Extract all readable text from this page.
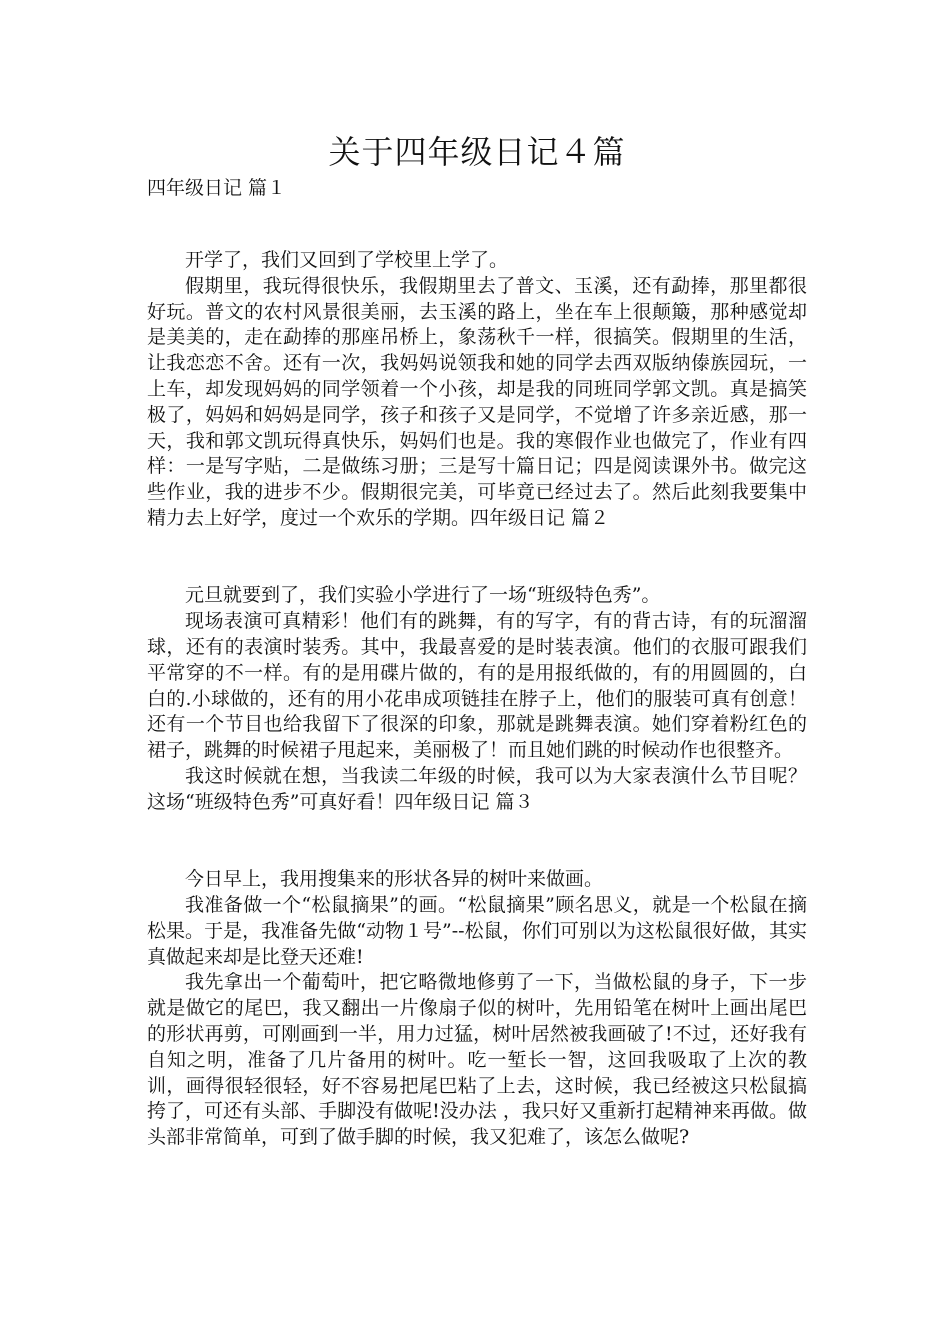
关于四年级日记４篇
四年级日记 篇１

开学了，我们又回到了学校里上学了。

假期里，我玩得很快乐，我假期里去了普文、玉溪，还有勐捧，那里都很好玩。普文的农村风景很美丽，去玉溪的路上，坐在车上很颠簸，那种感觉却是美美的，走在勐捧的那座吊桥上，象荡秋千一样，很搞笑。假期里的生活，让我恋恋不舍。还有一次，我妈妈说领我和她的同学去西双版纳傣族园玩，一上车，却发现妈妈的同学领着一个小孩，却是我的同班同学郭文凯。真是搞笑极了，妈妈和妈妈是同学，孩子和孩子又是同学，不觉增了许多亲近感，那一天，我和郭文凯玩得真快乐，妈妈们也是。我的寒假作业也做完了，作业有四样：一是写字贴，二是做练习册；三是写十篇日记；四是阅读课外书。做完这些作业，我的进步不少。假期很完美，可毕竟已经过去了。然后此刻我要集中精力去上好学，度过一个欢乐的学期。四年级日记 篇２

元旦就要到了，我们实验小学进行了一场“班级特色秀”。

现场表演可真精彩！他们有的跳舞，有的写字，有的背古诗，有的玩溜溜球，还有的表演时装秀。其中，我最喜爱的是时装表演。他们的衣服可跟我们平常穿的不一样。有的是用碟片做的，有的是用报纸做的，有的用圆圆的，白白的.小球做的，还有的用小花串成项链挂在脖子上，他们的服装可真有创意！还有一个节目也给我留下了很深的印象，那就是跳舞表演。她们穿着粉红色的裙子，跳舞的时候裙子甩起来，美丽极了！而且她们跳的时候动作也很整齐。

我这时候就在想，当我读二年级的时候，我可以为大家表演什么节目呢？这场“班级特色秀”可真好看！四年级日记 篇３

今日早上，我用搜集来的形状各异的树叶来做画。

我准备做一个“松鼠摘果”的画。“松鼠摘果”顾名思义，就是一个松鼠在摘松果。于是，我准备先做“动物１号”--松鼠，你们可别以为这松鼠很好做，其实真做起来却是比登天还难!

我先拿出一个葡萄叶，把它略微地修剪了一下，当做松鼠的身子，下一步就是做它的尾巴，我又翻出一片像扇子似的树叶，先用铅笔在树叶上画出尾巴的形状再剪，可刚画到一半，用力过猛，树叶居然被我画破了!不过，还好我有自知之明，准备了几片备用的树叶。吃一堑长一智，这回我吸取了上次的教训，画得很轻很轻，好不容易把尾巴粘了上去，这时候，我已经被这只松鼠搞挎了，可还有头部、手脚没有做呢!没办法 ，我只好又重新打起精神来再做。做头部非常简单，可到了做手脚的时候，我又犯难了，该怎么做呢?
